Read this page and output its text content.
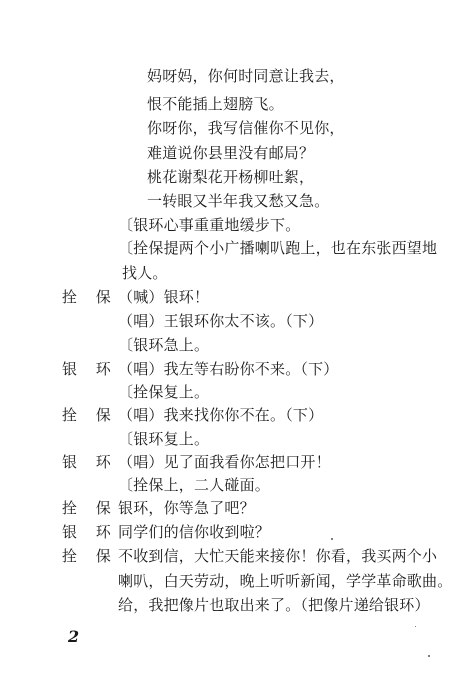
妈呀妈，你何时同意让我去，
恨不能插上翅膀飞。
你呀你，我写信催你不见你，
难道说你县里没有邮局？
桃花谢梨花开杨柳吐絮，
一转眼又半年我又愁又急。
〔银环心事重重地缓步下。
〔拴保提两个小广播喇叭跑上，也在东张西望地
找人。
拴 保
银 环
拴 保
银 环
拴 保
银 环
拴 保
（喊）银环！
（唱）王银环你太不该。（下）
〔银环急上。
（唱）我左等右盼你不来。（下）
〔拴保复上。
（唱）我来找你你不在。（下）
〔银环复上。
（唱）见了面我看你怎把口开！
〔拴保上，二人碰面。
银环，你等急了吧？
同学们的信你收到啦？
不收到信，大忙天能来接你！你看，我买两个小
喇叭，白天劳动，晚上听听新闻，学学革命歌曲。
给，我把像片也取出来了。（把像片递给银环）
2
